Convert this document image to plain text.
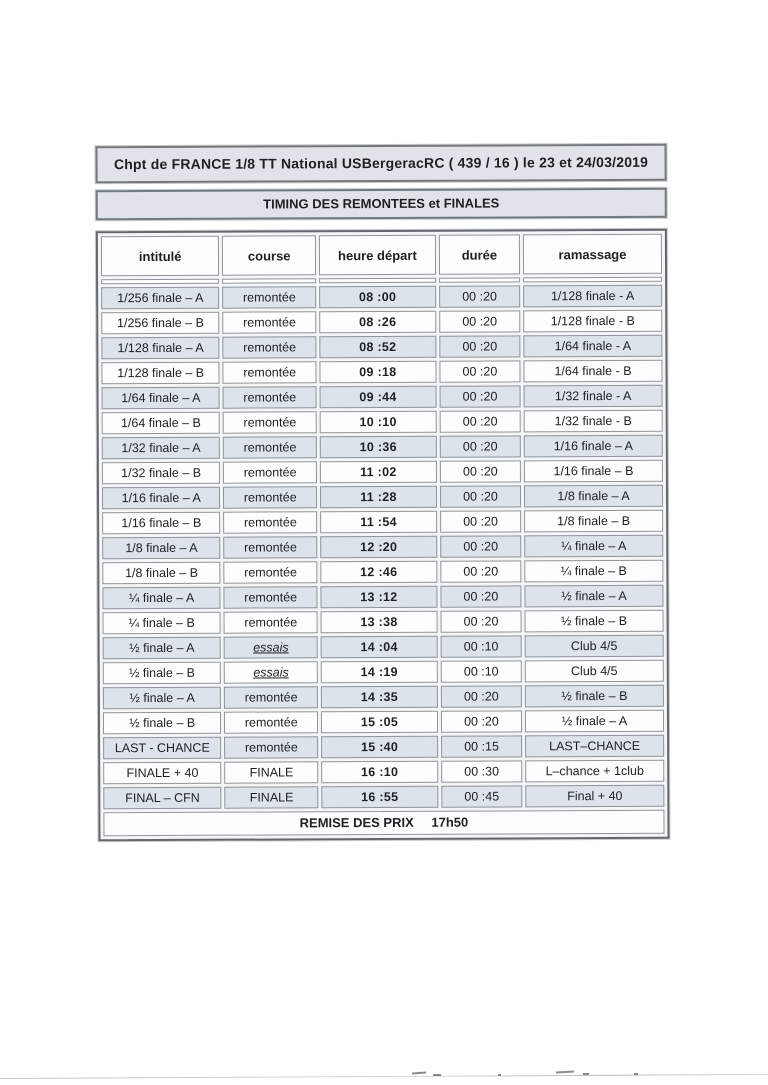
Chpt de FRANCE 1/8 TT National USBergeracRC ( 439 / 16 ) le 23 et 24/03/2019
TIMING DES REMONTEES et FINALES
intitulé	course	heure départ	durée	ramassage

1/256 finale – A	remontée	08 :00	00 :20	1/128 finale - A
1/256 finale – B	remontée	08 :26	00 :20	1/128 finale - B
1/128 finale – A	remontée	08 :52	00 :20	1/64 finale - A
1/128 finale – B	remontée	09 :18	00 :20	1/64 finale - B
1/64 finale – A	remontée	09 :44	00 :20	1/32 finale - A
1/64 finale – B	remontée	10 :10	00 :20	1/32 finale - B
1/32 finale – A	remontée	10 :36	00 :20	1/16 finale – A
1/32 finale – B	remontée	11 :02	00 :20	1/16 finale – B
1/16 finale – A	remontée	11 :28	00 :20	1/8 finale – A
1/16 finale – B	remontée	11 :54	00 :20	1/8 finale – B
1/8 finale – A	remontée	12 :20	00 :20	¼ finale – A
1/8 finale – B	remontée	12 :46	00 :20	¼ finale – B
¼ finale – A	remontée	13 :12	00 :20	½ finale – A
¼ finale – B	remontée	13 :38	00 :20	½ finale – B
½ finale – A	essais	14 :04	00 :10	Club 4/5
½ finale – B	essais	14 :19	00 :10	Club 4/5
½ finale – A	remontée	14 :35	00 :20	½ finale – B
½ finale – B	remontée	15 :05	00 :20	½ finale – A
LAST - CHANCE	remontée	15 :40	00 :15	LAST–CHANCE
FINALE + 40	FINALE	16 :10	00 :30	L–chance + 1club
FINAL – CFN	FINALE	16 :55	00 :45	Final + 40
REMISE DES PRIX 17h50
